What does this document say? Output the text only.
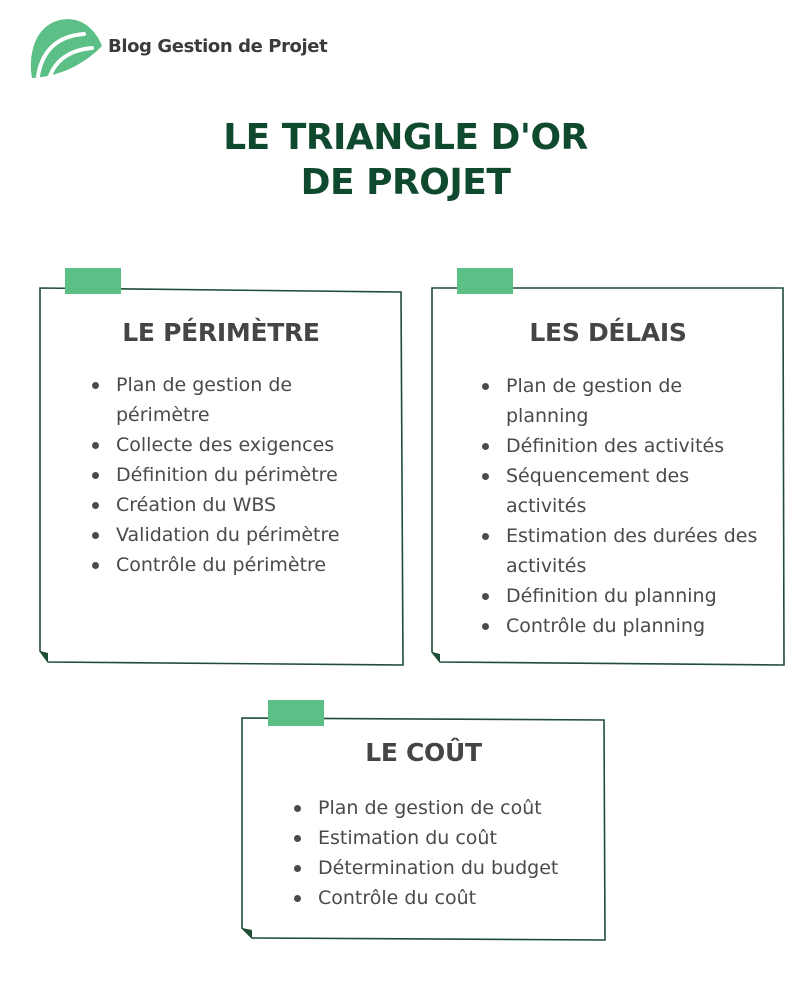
Blog Gestion de Projet
LE TRIANGLE D'OR
DE PROJET
LE PÉRIMÈTRE
Plan de gestion de
périmètre
Collecte des exigences
Définition du périmètre
Création du WBS
Validation du périmètre
Contrôle du périmètre
LES DÉLAIS
Plan de gestion de
planning
Définition des activités
Séquencement des
activités
Estimation des durées des
activités
Définition du planning
Contrôle du planning
LE COÛT
Plan de gestion de coût
Estimation du coût
Détermination du budget
Contrôle du coût
